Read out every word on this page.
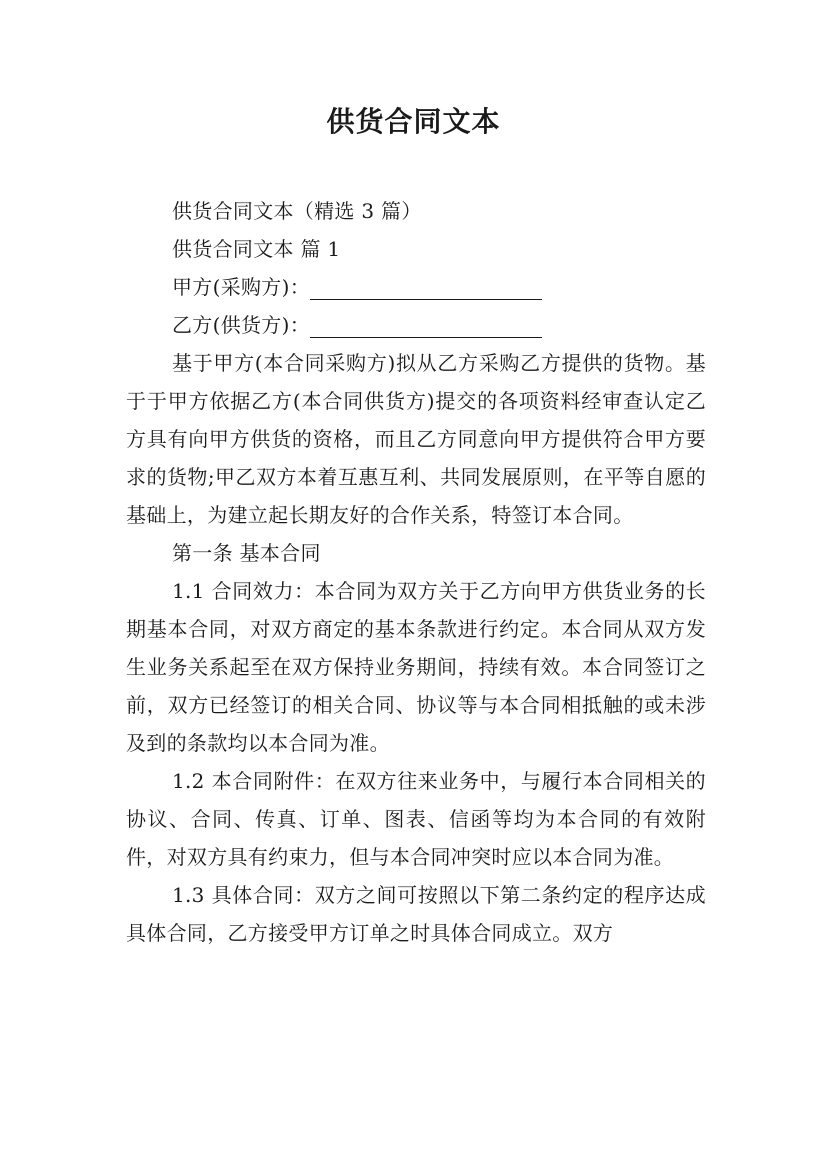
供货合同文本

供货合同文本（精选 3 篇）

供货合同文本 篇 1

甲方(采购方)：

乙方(供货方)：

基于甲方(本合同采购方)拟从乙方采购乙方提供的货物。基于于甲方依据乙方(本合同供货方)提交的各项资料经审查认定乙方具有向甲方供货的资格，而且乙方同意向甲方提供符合甲方要求的货物;甲乙双方本着互惠互利、共同发展原则，在平等自愿的基础上，为建立起长期友好的合作关系，特签订本合同。

第一条 基本合同

1.1 合同效力：本合同为双方关于乙方向甲方供货业务的长期基本合同，对双方商定的基本条款进行约定。本合同从双方发生业务关系起至在双方保持业务期间，持续有效。本合同签订之前，双方已经签订的相关合同、协议等与本合同相抵触的或未涉及到的条款均以本合同为准。

1.2 本合同附件：在双方往来业务中，与履行本合同相关的协议、合同、传真、订单、图表、信函等均为本合同的有效附件，对双方具有约束力，但与本合同冲突时应以本合同为准。

1.3 具体合同：双方之间可按照以下第二条约定的程序达成具体合同，乙方接受甲方订单之时具体合同成立。双方
